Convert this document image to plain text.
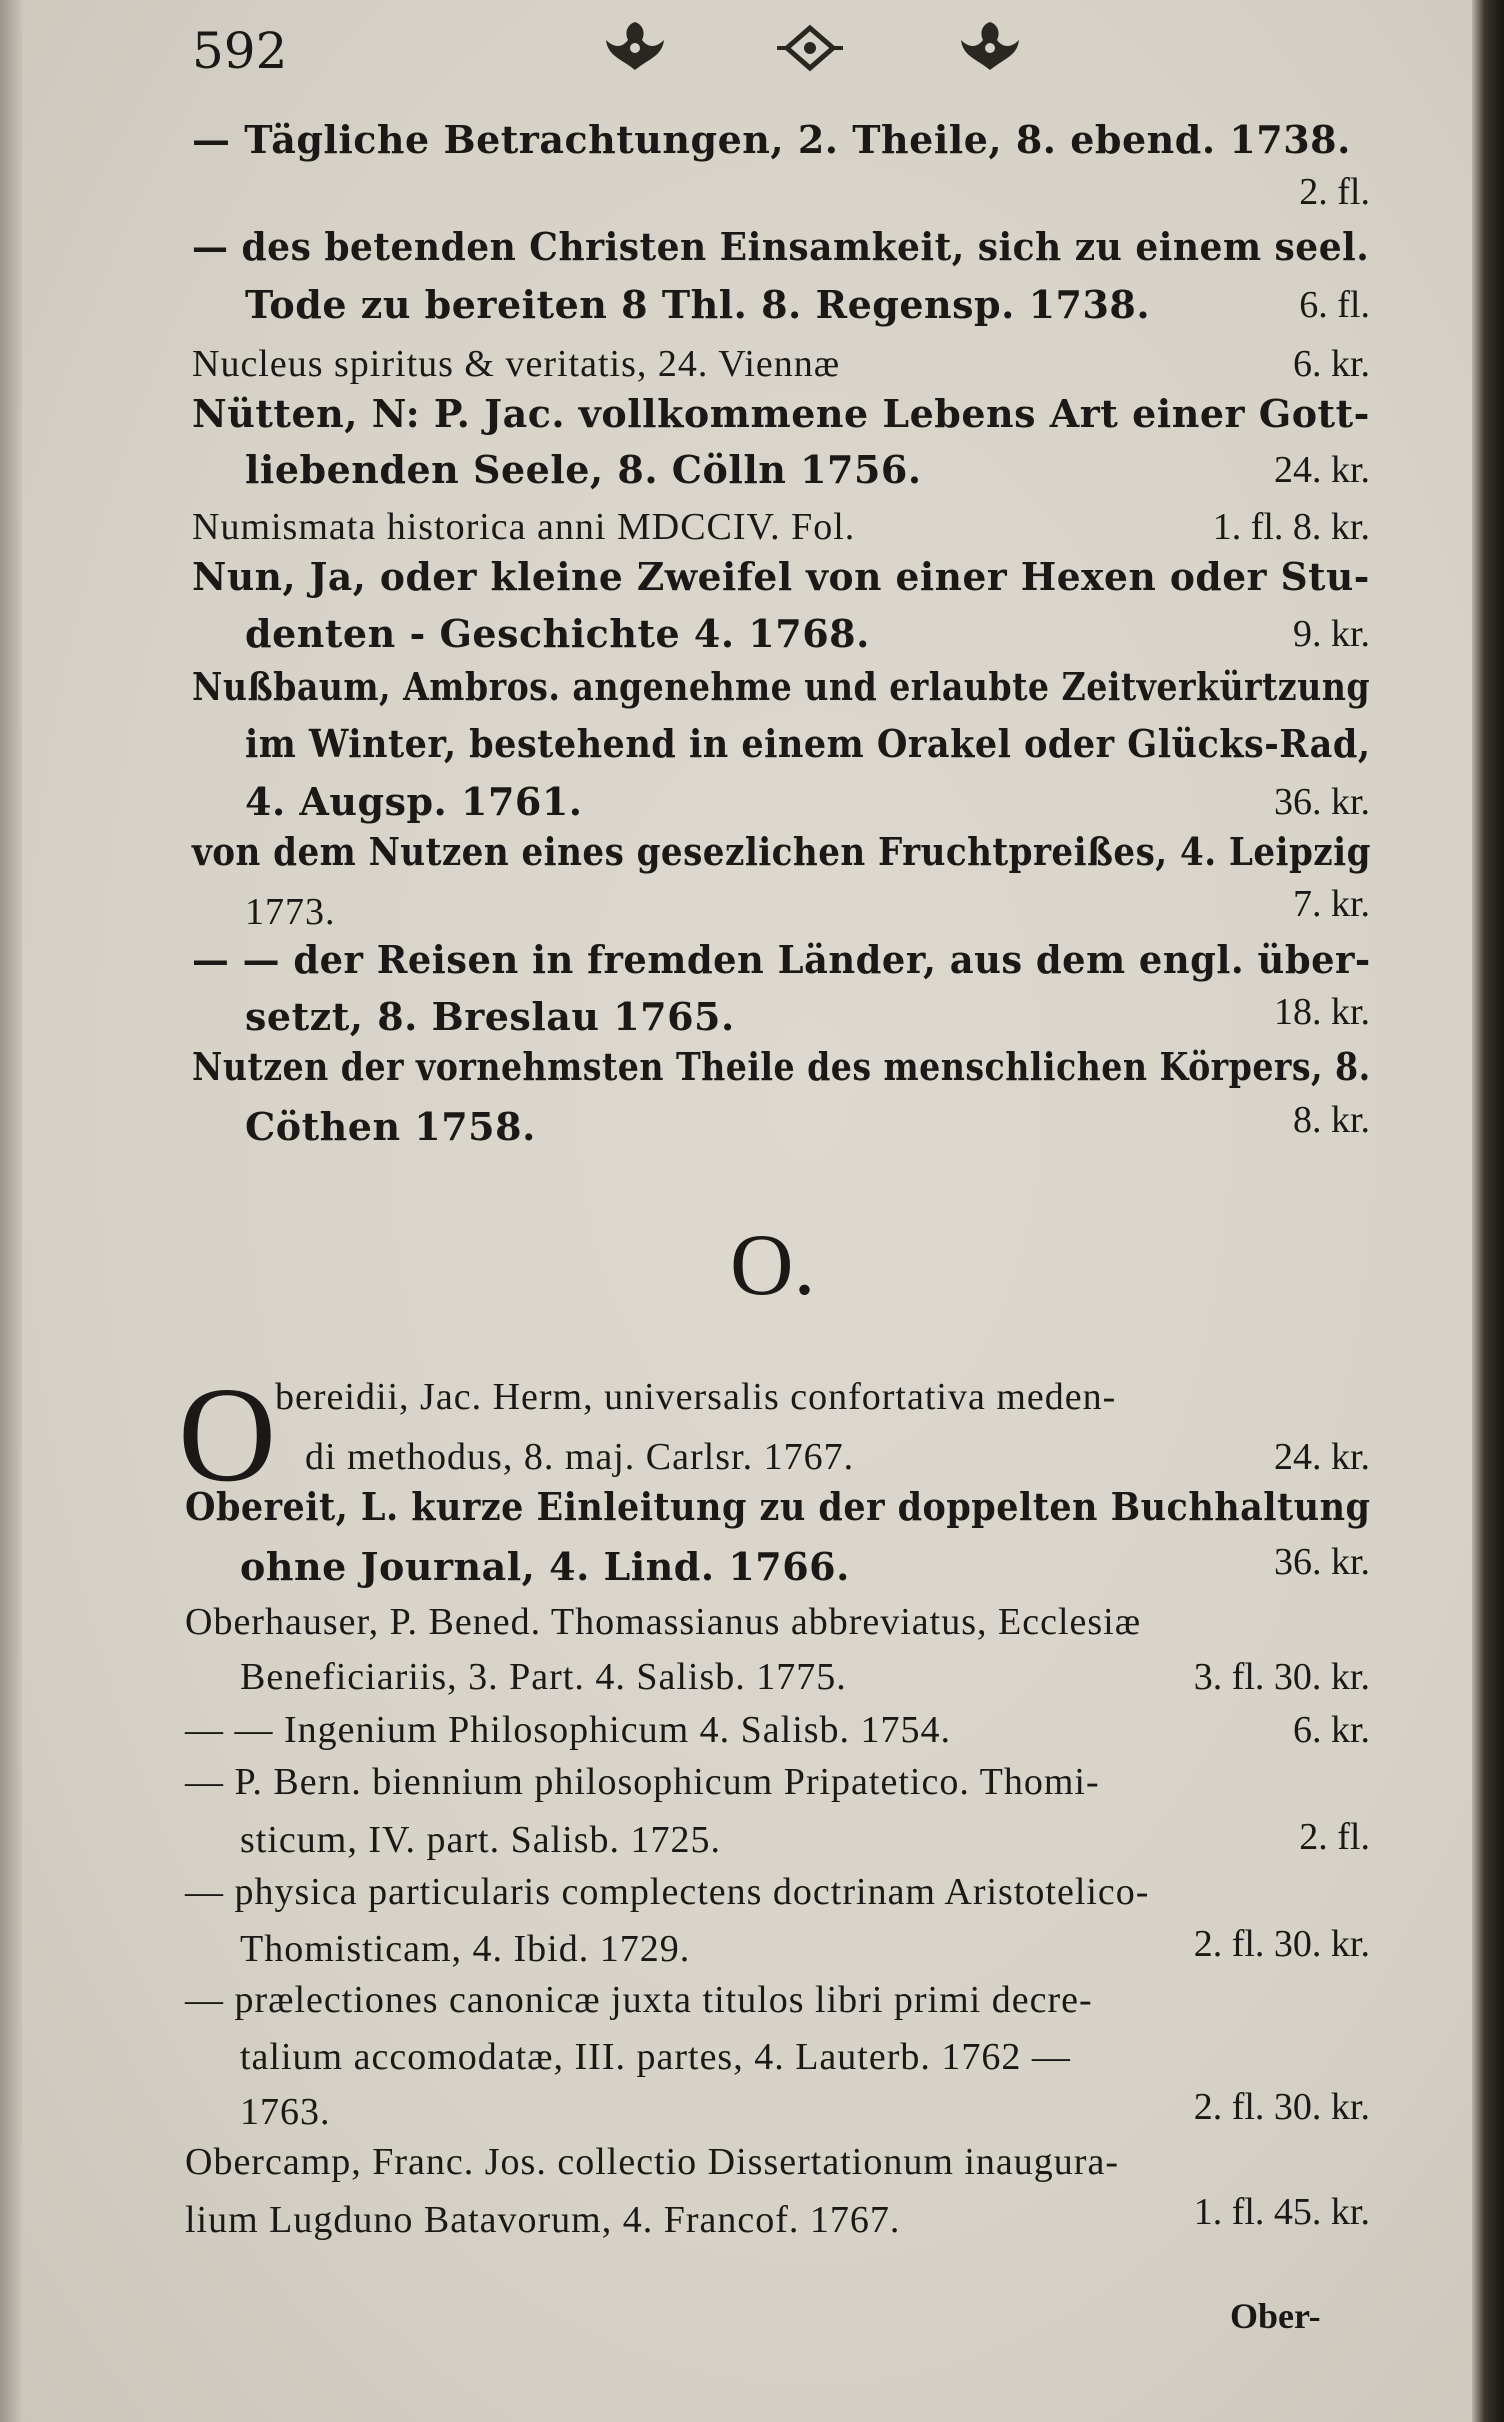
592
— Tägliche Betrachtungen, 2. Theile, 8. ebend. 1738.
2. fl.
— des betenden Christen Einsamkeit, sich zu einem seel.
Tode zu bereiten 8 Thl. 8. Regensp. 1738.	6. fl.
Nucleus spiritus & veritatis, 24. Viennæ	6. kr.
Nütten, N: P. Jac. vollkommene Lebens Art einer Gott-
liebenden Seele, 8. Cölln 1756.	24. kr.
Numismata historica anni MDCCIV. Fol.	1. fl. 8. kr.
Nun, Ja, oder kleine Zweifel von einer Hexen oder Stu-
denten - Geschichte 4. 1768.	9. kr.
Nußbaum, Ambros. angenehme und erlaubte Zeitverkürtzung
im Winter, bestehend in einem Orakel oder Glücks-Rad,
4. Augsp. 1761.	36. kr.
von dem Nutzen eines gesezlichen Fruchtpreißes, 4. Leipzig
1773.	7. kr.
— — der Reisen in fremden Länder, aus dem engl. über-
setzt, 8. Breslau 1765.	18. kr.
Nutzen der vornehmsten Theile des menschlichen Körpers, 8.
Cöthen 1758.	8. kr.
O.
O
bereidii, Jac. Herm, universalis confortativa meden-
di methodus, 8. maj. Carlsr. 1767.	24. kr.
Obereit, L. kurze Einleitung zu der doppelten Buchhaltung
ohne Journal, 4. Lind. 1766.	36. kr.
Oberhauser, P. Bened. Thomassianus abbreviatus, Ecclesiæ
Beneficiariis, 3. Part. 4. Salisb. 1775.	3. fl. 30. kr.
— — Ingenium Philosophicum 4. Salisb. 1754.	6. kr.
— P. Bern. biennium philosophicum Pripatetico. Thomi-
sticum, IV. part. Salisb. 1725.	2. fl.
— physica particularis complectens doctrinam Aristotelico-
Thomisticam, 4. Ibid. 1729.	2. fl. 30. kr.
— prælectiones canonicæ juxta titulos libri primi decre-
talium accomodatæ, III. partes, 4. Lauterb. 1762 —
1763.	2. fl. 30. kr.
Obercamp, Franc. Jos. collectio Dissertationum inaugura-
lium Lugduno Batavorum, 4. Francof. 1767.	1. fl. 45. kr.
Ober-
